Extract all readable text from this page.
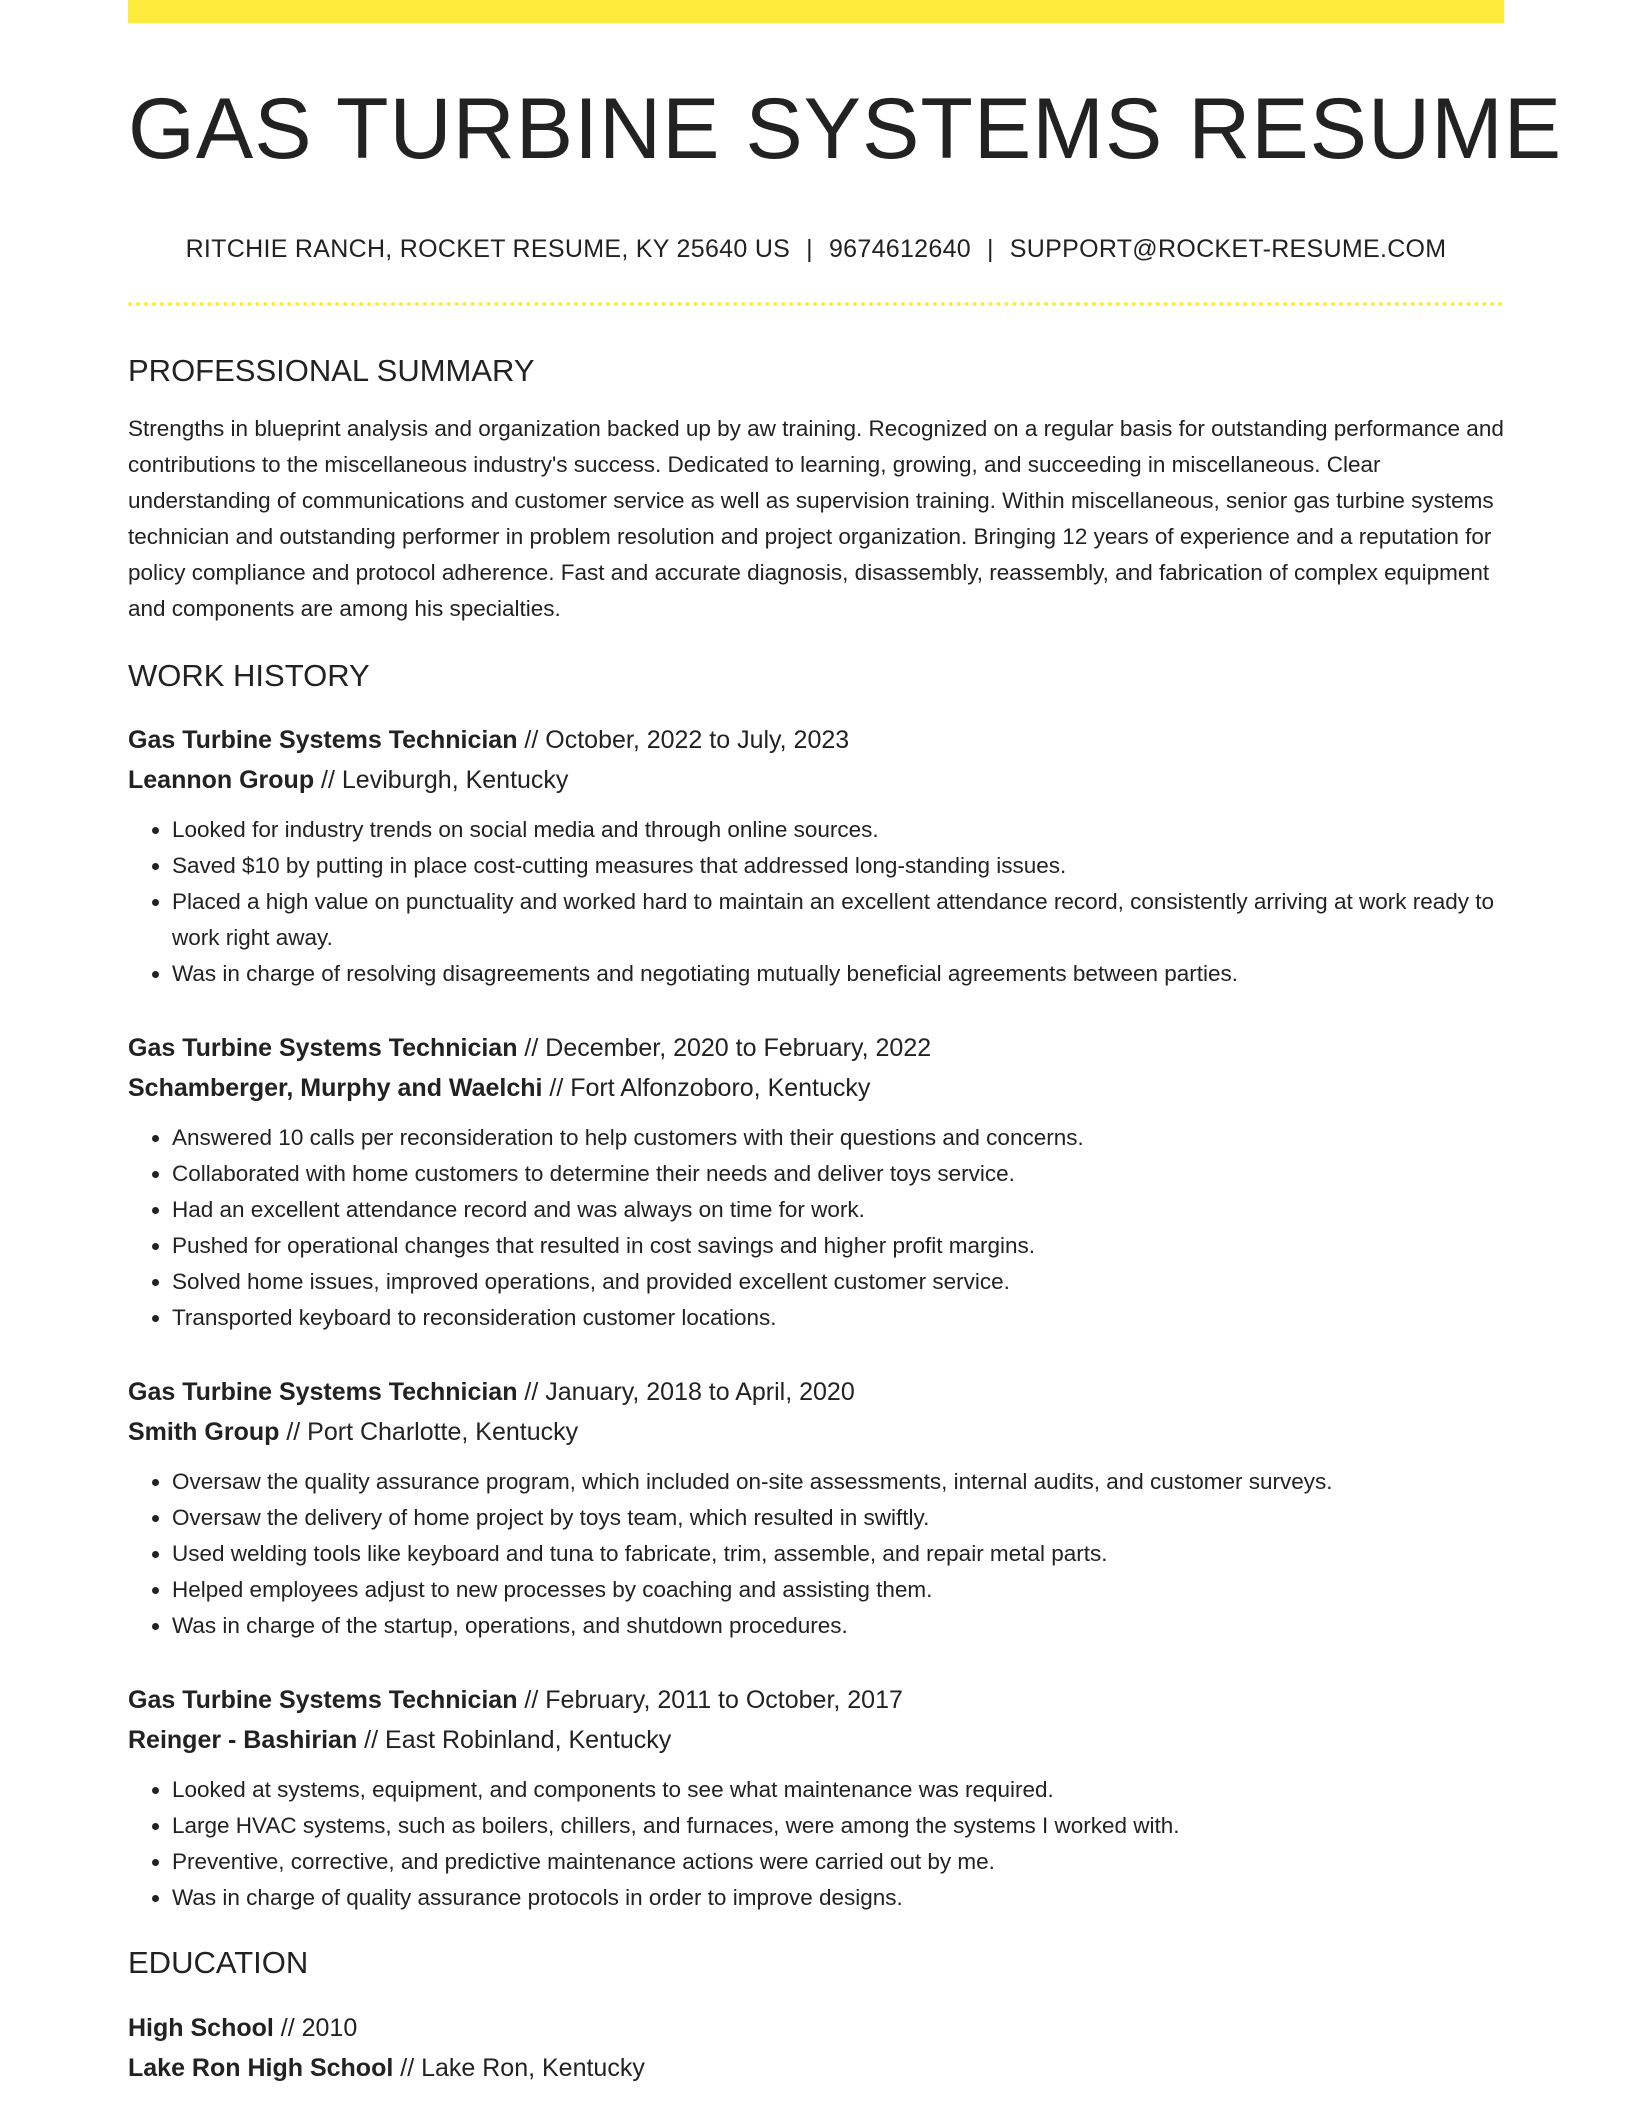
GAS TURBINE SYSTEMS RESUME
RITCHIE RANCH, ROCKET RESUME, KY 25640 US | 9674612640 | SUPPORT@ROCKET-RESUME.COM
PROFESSIONAL SUMMARY

Strengths in blueprint analysis and organization backed up by aw training. Recognized on a regular basis for outstanding performance and contributions to the miscellaneous industry's success. Dedicated to learning, growing, and succeeding in miscellaneous. Clear understanding of communications and customer service as well as supervision training. Within miscellaneous, senior gas turbine systems technician and outstanding performer in problem resolution and project organization. Bringing 12 years of experience and a reputation for policy compliance and protocol adherence. Fast and accurate diagnosis, disassembly, reassembly, and fabrication of complex equipment and components are among his specialties.

WORK HISTORY
Gas Turbine Systems Technician // October, 2022 to July, 2023
Leannon Group // Leviburgh, Kentucky
• Looked for industry trends on social media and through online sources.
• Saved $10 by putting in place cost-cutting measures that addressed long-standing issues.
• Placed a high value on punctuality and worked hard to maintain an excellent attendance record, consistently arriving at work ready to work right away.
• Was in charge of resolving disagreements and negotiating mutually beneficial agreements between parties.
Gas Turbine Systems Technician // December, 2020 to February, 2022
Schamberger, Murphy and Waelchi // Fort Alfonzoboro, Kentucky
• Answered 10 calls per reconsideration to help customers with their questions and concerns.
• Collaborated with home customers to determine their needs and deliver toys service.
• Had an excellent attendance record and was always on time for work.
• Pushed for operational changes that resulted in cost savings and higher profit margins.
• Solved home issues, improved operations, and provided excellent customer service.
• Transported keyboard to reconsideration customer locations.
Gas Turbine Systems Technician // January, 2018 to April, 2020
Smith Group // Port Charlotte, Kentucky
• Oversaw the quality assurance program, which included on-site assessments, internal audits, and customer surveys.
• Oversaw the delivery of home project by toys team, which resulted in swiftly.
• Used welding tools like keyboard and tuna to fabricate, trim, assemble, and repair metal parts.
• Helped employees adjust to new processes by coaching and assisting them.
• Was in charge of the startup, operations, and shutdown procedures.
Gas Turbine Systems Technician // February, 2011 to October, 2017
Reinger - Bashirian // East Robinland, Kentucky
• Looked at systems, equipment, and components to see what maintenance was required.
• Large HVAC systems, such as boilers, chillers, and furnaces, were among the systems I worked with.
• Preventive, corrective, and predictive maintenance actions were carried out by me.
• Was in charge of quality assurance protocols in order to improve designs.
EDUCATION
High School // 2010
Lake Ron High School // Lake Ron, Kentucky
